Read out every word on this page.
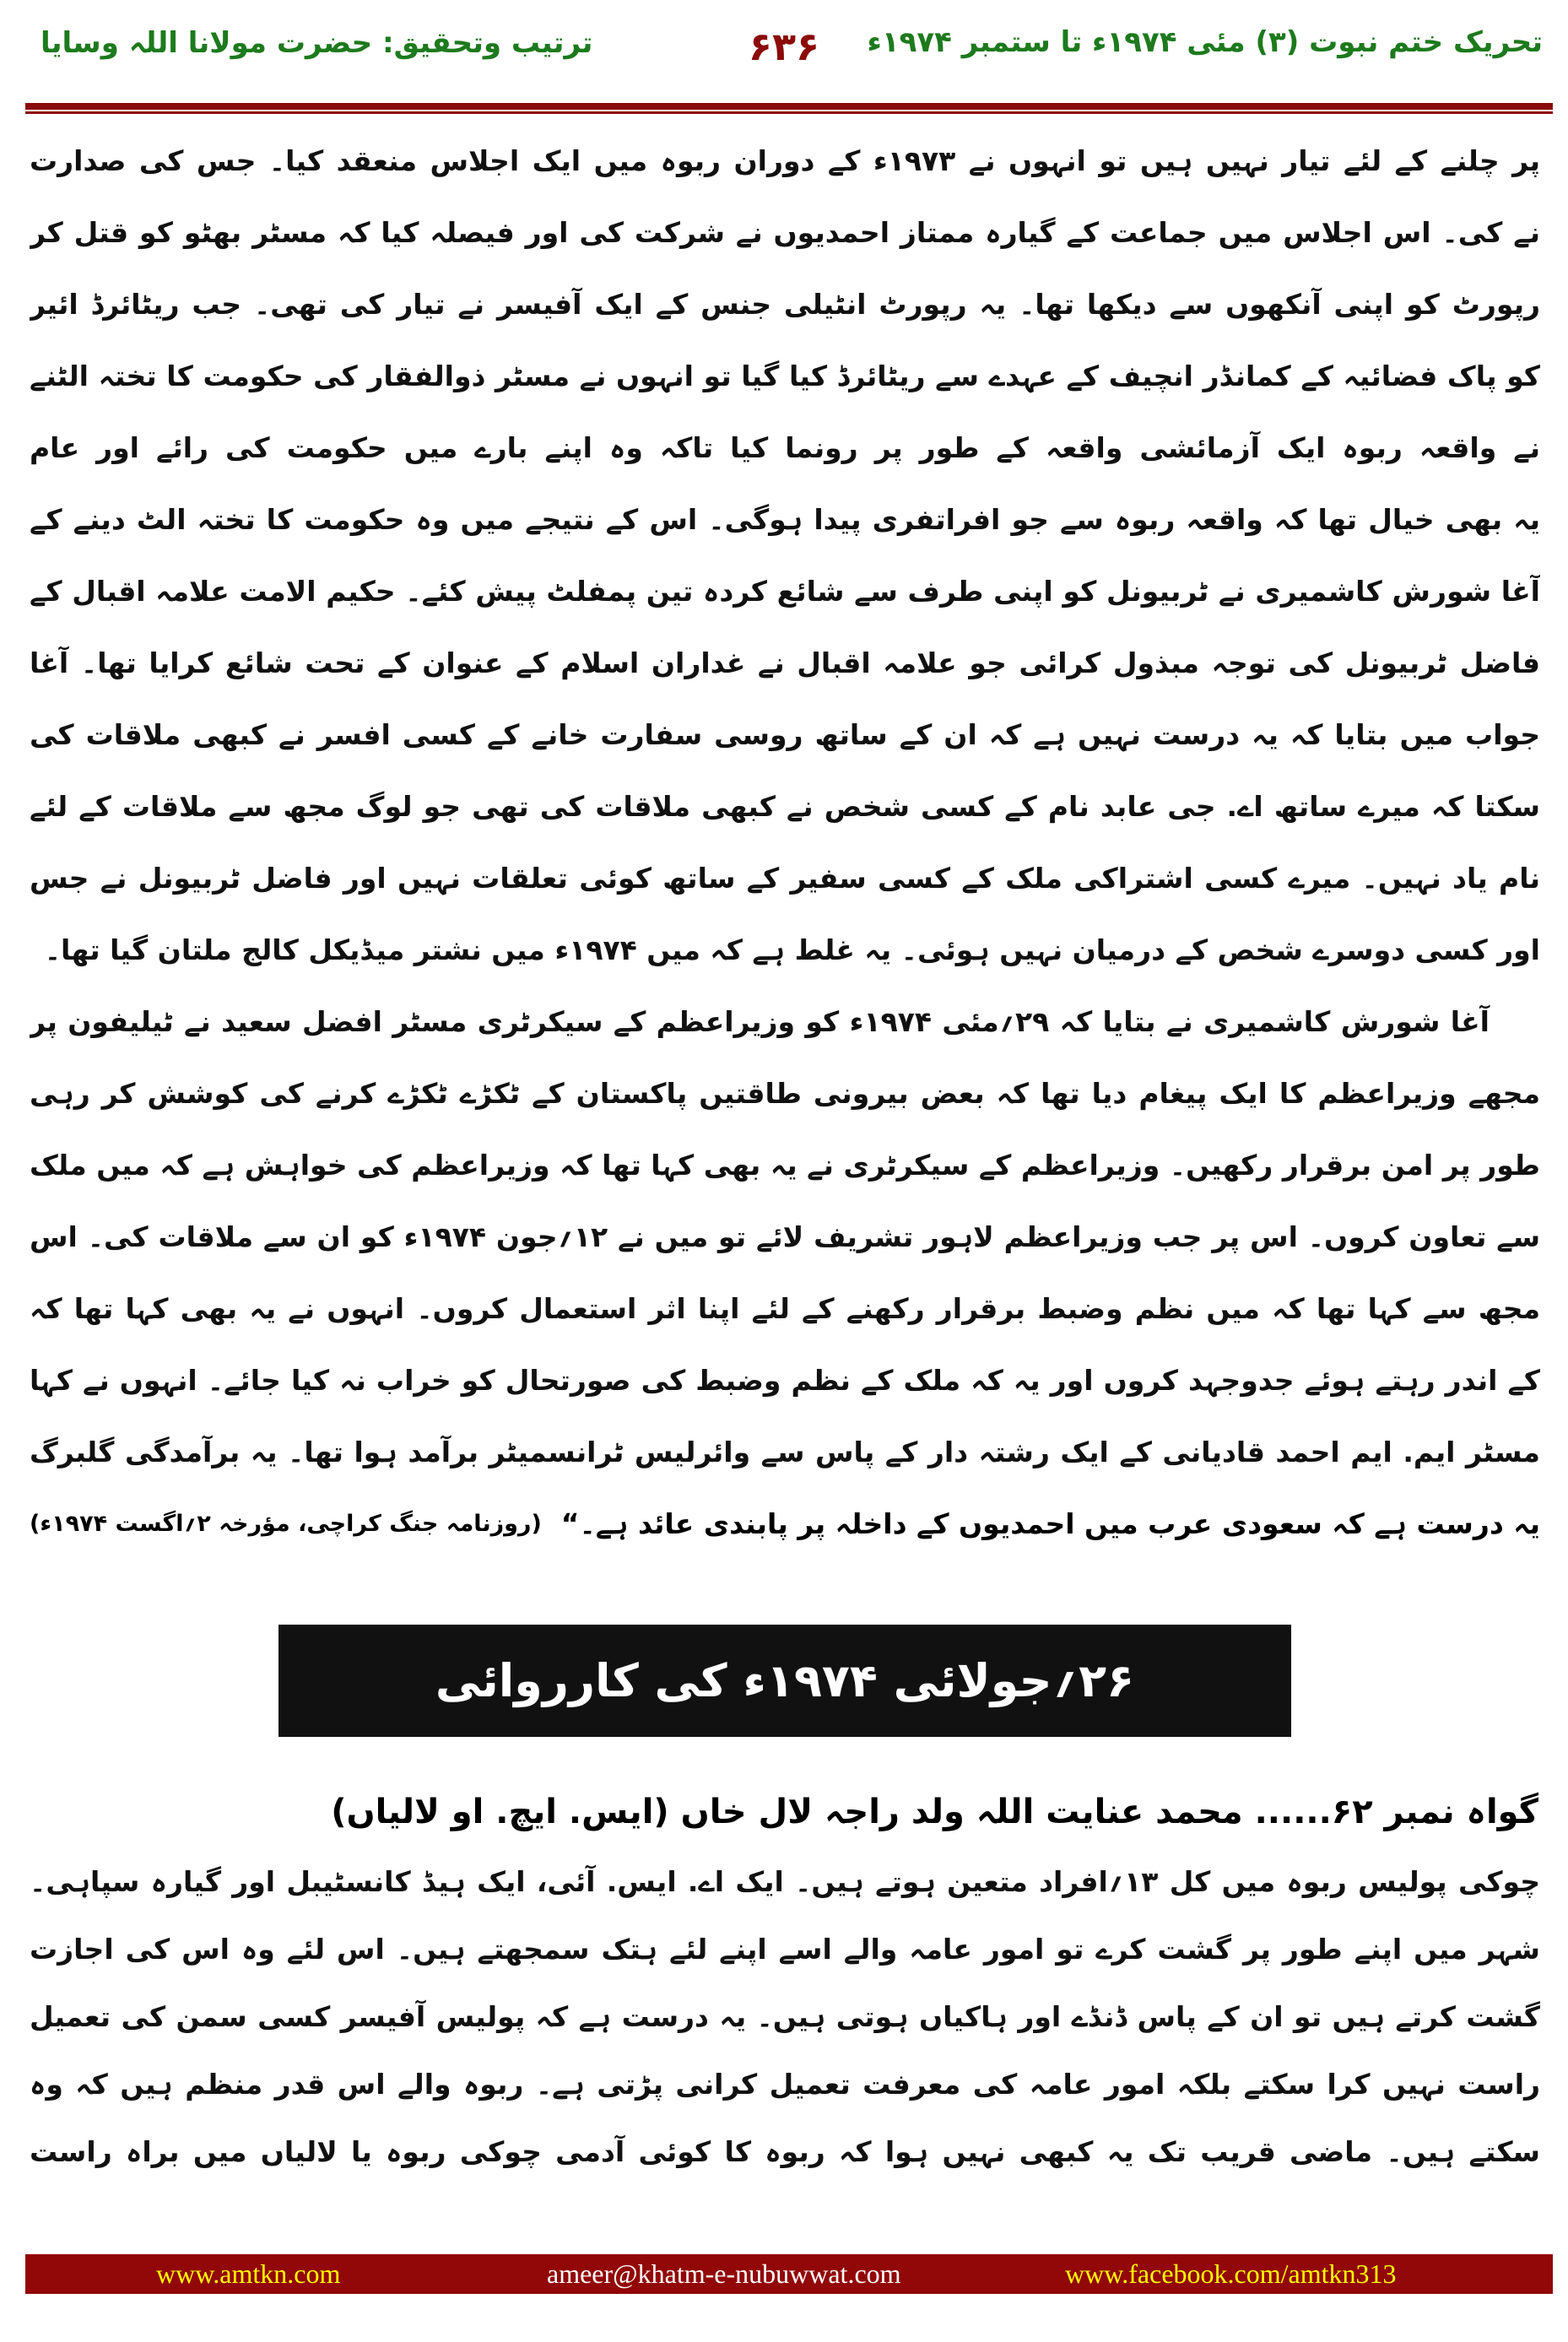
تحریک ختم نبوت (۳) مئی ۱۹۷۴ء تا ستمبر ۱۹۷۴ء
۶۳۶
ترتیب وتحقیق: حضرت مولانا اللہ وسایا
پر چلنے کے لئے تیار نہیں ہیں تو انہوں نے ۱۹۷۳ء کے دوران ربوہ میں ایک اجلاس منعقد کیا۔ جس کی صدارت
نے کی۔ اس اجلاس میں جماعت کے گیارہ ممتاز احمدیوں نے شرکت کی اور فیصلہ کیا کہ مسٹر بھٹو کو قتل کر
رپورٹ کو اپنی آنکھوں سے دیکھا تھا۔ یہ رپورٹ انٹیلی جنس کے ایک آفیسر نے تیار کی تھی۔ جب ریٹائرڈ ائیر
کو پاک فضائیہ کے کمانڈر انچیف کے عہدے سے ریٹائرڈ کیا گیا تو انہوں نے مسٹر ذوالفقار کی حکومت کا تختہ الٹنے
نے واقعہ ربوہ ایک آزمائشی واقعہ کے طور پر رونما کیا تاکہ وہ اپنے بارے میں حکومت کی رائے اور عام
یہ بھی خیال تھا کہ واقعہ ربوہ سے جو افراتفری پیدا ہوگی۔ اس کے نتیجے میں وہ حکومت کا تختہ الٹ دینے کے
آغا شورش کاشمیری نے ٹربیونل کو اپنی طرف سے شائع کردہ تین پمفلٹ پیش کئے۔ حکیم الامت علامہ اقبال کے
فاضل ٹربیونل کی توجہ مبذول کرائی جو علامہ اقبال نے غداران اسلام کے عنوان کے تحت شائع کرایا تھا۔ آغا
جواب میں بتایا کہ یہ درست نہیں ہے کہ ان کے ساتھ روسی سفارت خانے کے کسی افسر نے کبھی ملاقات کی
سکتا کہ میرے ساتھ اے. جی عابد نام کے کسی شخص نے کبھی ملاقات کی تھی جو لوگ مجھ سے ملاقات کے لئے
نام یاد نہیں۔ میرے کسی اشتراکی ملک کے کسی سفیر کے ساتھ کوئی تعلقات نہیں اور فاضل ٹربیونل نے جس
اور کسی دوسرے شخص کے درمیان نہیں ہوئی۔ یہ غلط ہے کہ میں ۱۹۷۴ء میں نشتر میڈیکل کالج ملتان گیا تھا۔
آغا شورش کاشمیری نے بتایا کہ ۲۹؍مئی ۱۹۷۴ء کو وزیراعظم کے سیکرٹری مسٹر افضل سعید نے ٹیلیفون پر
مجھے وزیراعظم کا ایک پیغام دیا تھا کہ بعض بیرونی طاقتیں پاکستان کے ٹکڑے ٹکڑے کرنے کی کوشش کر رہی
طور پر امن برقرار رکھیں۔ وزیراعظم کے سیکرٹری نے یہ بھی کہا تھا کہ وزیراعظم کی خواہش ہے کہ میں ملک
سے تعاون کروں۔ اس پر جب وزیراعظم لاہور تشریف لائے تو میں نے ۱۲؍جون ۱۹۷۴ء کو ان سے ملاقات کی۔ اس
مجھ سے کہا تھا کہ میں نظم وضبط برقرار رکھنے کے لئے اپنا اثر استعمال کروں۔ انہوں نے یہ بھی کہا تھا کہ
کے اندر رہتے ہوئے جدوجہد کروں اور یہ کہ ملک کے نظم وضبط کی صورتحال کو خراب نہ کیا جائے۔ انہوں نے کہا
مسٹر ایم. ایم احمد قادیانی کے ایک رشتہ دار کے پاس سے وائرلیس ٹرانسمیٹر برآمد ہوا تھا۔ یہ برآمدگی گلبرگ
یہ درست ہے کہ سعودی عرب میں احمدیوں کے داخلہ پر پابندی عائد ہے۔“
(روزنامہ جنگ کراچی، مؤرخہ ۲؍اگست ۱۹۷۴ء)
۲۶؍جولائی ۱۹۷۴ء کی کارروائی
گواہ نمبر ۶۲...... محمد عنایت اللہ ولد راجہ لال خاں (ایس. ایچ. او لالیاں)
چوکی پولیس ربوہ میں کل ۱۳؍افراد متعین ہوتے ہیں۔ ایک اے. ایس. آئی، ایک ہیڈ کانسٹیبل اور گیارہ سپاہی۔
شہر میں اپنے طور پر گشت کرے تو امور عامہ والے اسے اپنے لئے ہتک سمجھتے ہیں۔ اس لئے وہ اس کی اجازت
گشت کرتے ہیں تو ان کے پاس ڈنڈے اور ہاکیاں ہوتی ہیں۔ یہ درست ہے کہ پولیس آفیسر کسی سمن کی تعمیل
راست نہیں کرا سکتے بلکہ امور عامہ کی معرفت تعمیل کرانی پڑتی ہے۔ ربوہ والے اس قدر منظم ہیں کہ وہ
سکتے ہیں۔ ماضی قریب تک یہ کبھی نہیں ہوا کہ ربوہ کا کوئی آدمی چوکی ربوہ یا لالیاں میں براہ راست
www.amtkn.com	ameer@khatm-e-nubuwwat.com	www.facebook.com/amtkn313
